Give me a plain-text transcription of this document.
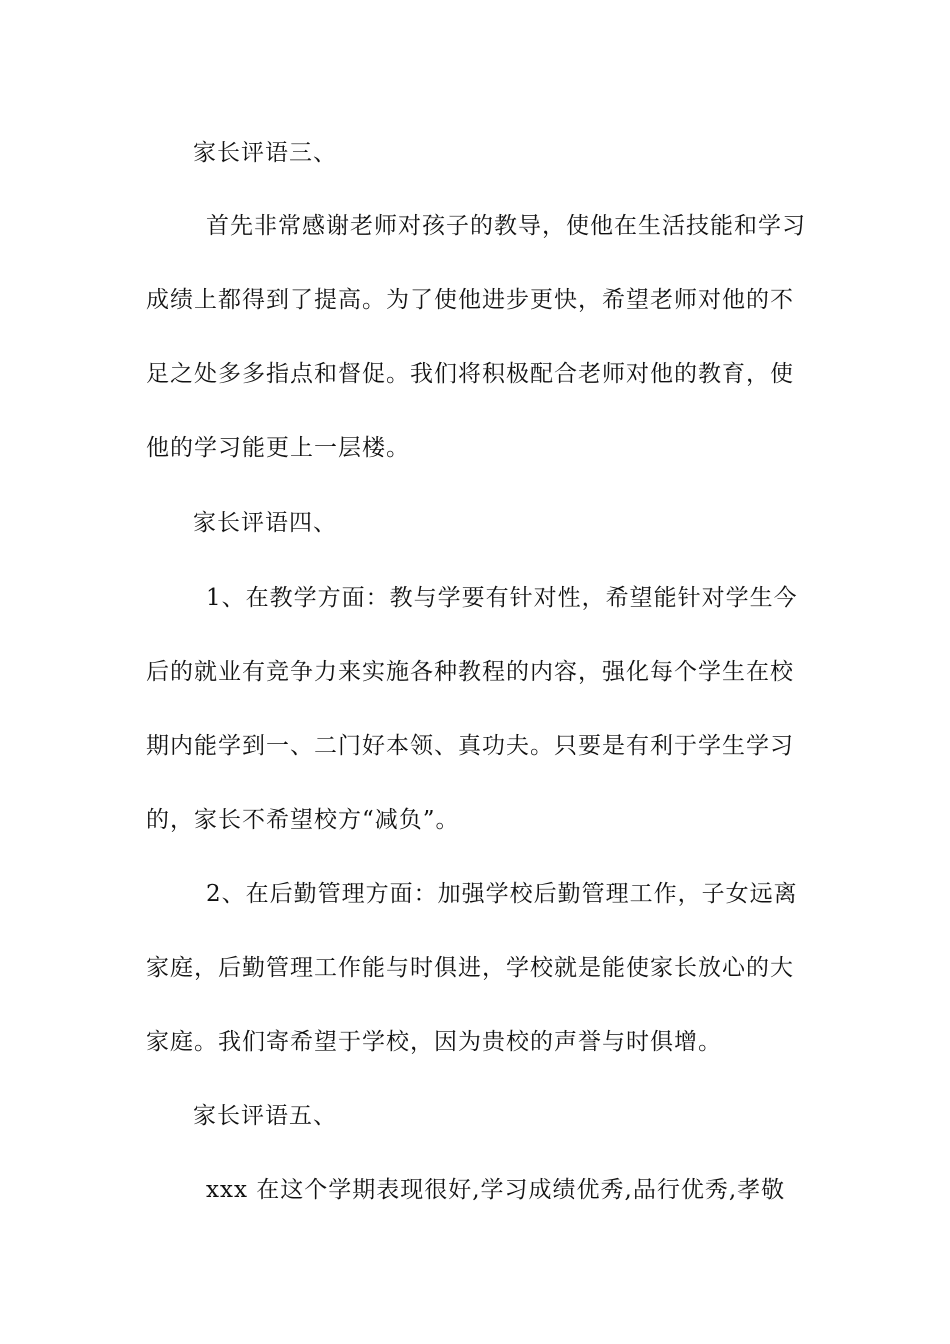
家长评语三、
首先非常感谢老师对孩子的教导，使他在生活技能和学习
成绩上都得到了提高。为了使他进步更快，希望老师对他的不
足之处多多指点和督促。我们将积极配合老师对他的教育，使
他的学习能更上一层楼。
家长评语四、
1、在教学方面：教与学要有针对性，希望能针对学生今
后的就业有竞争力来实施各种教程的内容，强化每个学生在校
期内能学到一、二门好本领、真功夫。只要是有利于学生学习
的，家长不希望校方“减负”。
2、在后勤管理方面：加强学校后勤管理工作，子女远离
家庭，后勤管理工作能与时俱进，学校就是能使家长放心的大
家庭。我们寄希望于学校，因为贵校的声誉与时俱增。
家长评语五、
xxx 在这个学期表现很好,学习成绩优秀,品行优秀,孝敬
